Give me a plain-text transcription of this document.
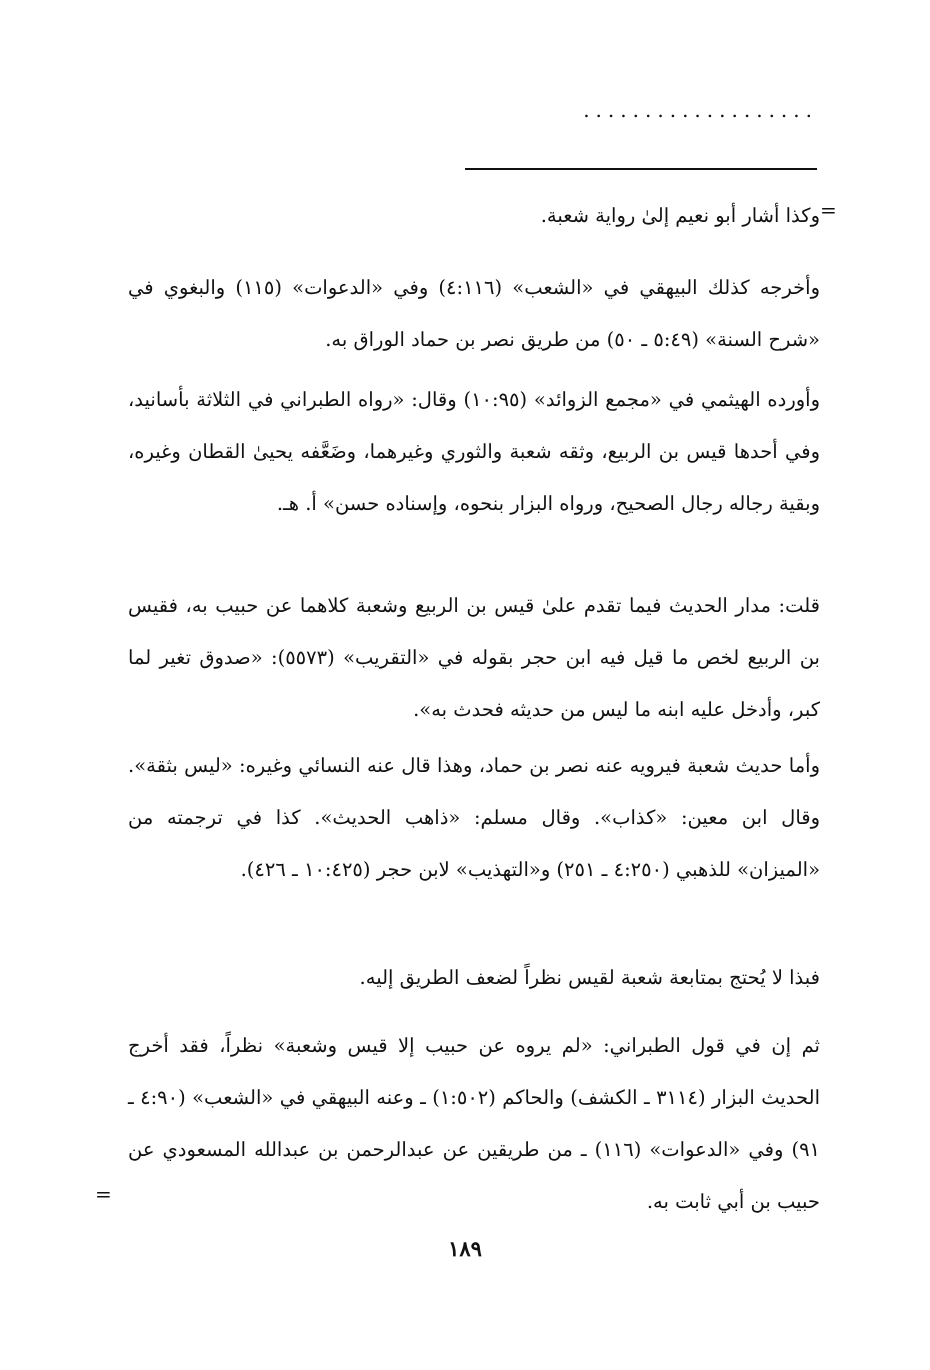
...................
=

وكذا أشار أبو نعيم إلىٰ رواية شعبة.

وأخرجه كذلك البيهقي في «الشعب» (٤:١١٦) وفي «الدعوات» (١١٥) والبغوي في «شرح السنة» (٥:٤٩ ـ ٥٠) من طريق نصر بن حماد الوراق به.

وأورده الهيثمي في «مجمع الزوائد» (١٠:٩٥) وقال: «رواه الطبراني في الثلاثة بأسانيد، وفي أحدها قيس بن الربيع، وثقه شعبة والثوري وغيرهما، وضَعَّفه يحيىٰ القطان وغيره، وبقية رجاله رجال الصحيح، ورواه البزار بنحوه، وإسناده حسن» أ. هـ.

قلت: مدار الحديث فيما تقدم علىٰ قيس بن الربيع وشعبة كلاهما عن حبيب به، فقيس بن الربيع لخص ما قيل فيه ابن حجر بقوله في «التقريب» (٥٥٧٣): «صدوق تغير لما كبر، وأدخل عليه ابنه ما ليس من حديثه فحدث به».

وأما حديث شعبة فيرويه عنه نصر بن حماد، وهذا قال عنه النسائي وغيره: «ليس بثقة». وقال ابن معين: «كذاب». وقال مسلم: «ذاهب الحديث». كذا في ترجمته من «الميزان» للذهبي (٤:٢٥٠ ـ ٢٥١) و«التهذيب» لابن حجر (١٠:٤٢٥ ـ ٤٢٦).

فبذا لا يُحتج بمتابعة شعبة لقيس نظراً لضعف الطريق إليه.

ثم إن في قول الطبراني: «لم يروه عن حبيب إلا قيس وشعبة» نظراً، فقد أخرج الحديث البزار (٣١١٤ ـ الكشف) والحاكم (١:٥٠٢) ـ وعنه البيهقي في «الشعب» (٤:٩٠ ـ ٩١) وفي «الدعوات» (١١٦) ـ من طريقين عن عبدالرحمن بن عبدالله المسعودي عن حبيب بن أبي ثابت به.

=
١٨٩
